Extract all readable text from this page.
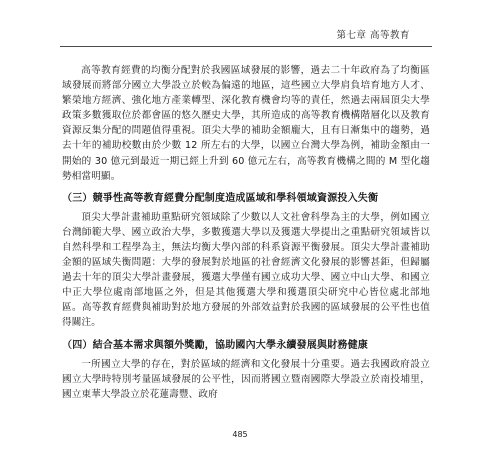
第七章 高等教育

高等教育經費的均衡分配對於我國區域發展的影響，過去二十年政府為了均衡區域發展而將部分國立大學設立於較為偏遠的地區，這些國立大學肩負培育地方人才、繁榮地方經濟、強化地方產業轉型、深化教育機會均等的責任，然過去兩屆頂尖大學政策多數獲取位於都會區的悠久歷史大學，其所造成的高等教育機構階層化以及教育資源反集分配的問題值得重視。頂尖大學的補助金額龐大，且有日漸集中的趨勢，過去十年的補助校數由於少數 12 所左右的大學，以國立台灣大學為例，補助金額由一開始的 30 億元到最近一期已經上升到 60 億元左右，高等教育機構之間的 M 型化趨勢相當明顯。

（三）競爭性高等教育經費分配制度造成區域和學科領域資源投入失衡

頂尖大學計畫補助重點研究領域除了少數以人文社會科學為主的大學，例如國立台灣師範大學、國立政治大學，多數獲選大學以及獲選大學提出之重點研究領域皆以自然科學和工程學為主，無法均衡大學內部的科系資源平衡發展。頂尖大學計畫補助金額的區域失衡問題：大學的發展對於地區的社會經濟文化發展的影響甚鉅，但歸屬過去十年的頂尖大學計畫發展，獲選大學僅有國立成功大學、國立中山大學、和國立中正大學位處南部地區之外，但是其他獲選大學和獲選頂尖研究中心皆位處北部地區。高等教育經費與補助對於地方發展的外部效益對於我國的區域發展的公平性也值得關注。

（四）結合基本需求與額外獎勵，協助國內大學永續發展與財務健康

一所國立大學的存在，對於區域的經濟和文化發展十分重要。過去我國政府設立國立大學時特別考量區域發展的公平性，因而將國立暨南國際大學設立於南投埔里，國立東華大學設立於花蓮壽豐、政府

485
